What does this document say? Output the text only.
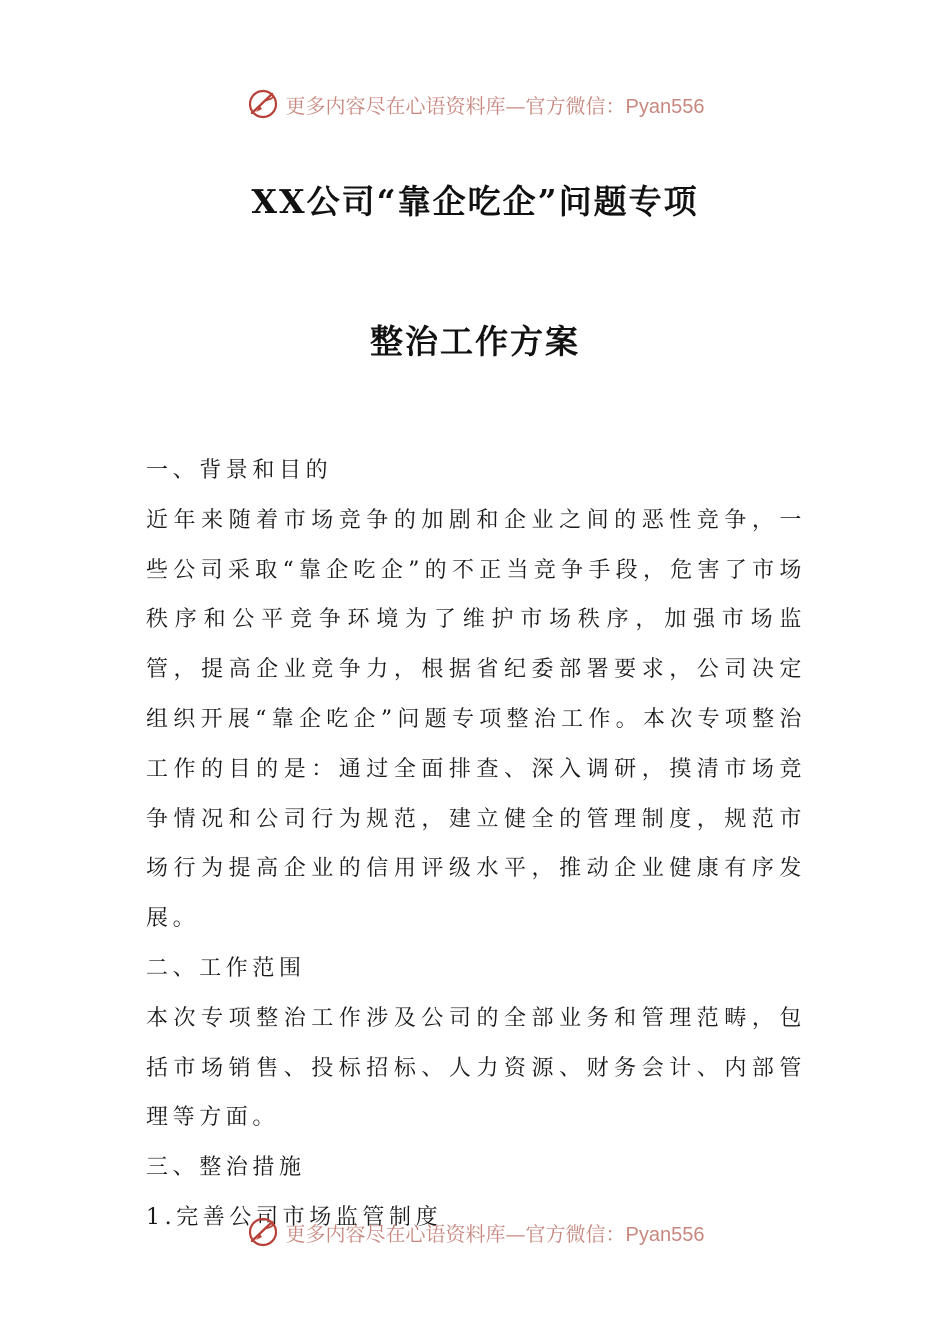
更多内容尽在心语资料库—官方微信：Pyan556
XX公司“靠企吃企”问题专项
整治工作方案

一、背景和目的

近年来随着市场竞争的加剧和企业之间的恶性竞争，一些公司采取“靠企吃企”的不正当竞争手段，危害了市场秩序和公平竞争环境为了维护市场秩序，加强市场监管，提高企业竞争力，根据省纪委部署要求，公司决定组织开展“靠企吃企”问题专项整治工作。本次专项整治工作的目的是：通过全面排查、深入调研，摸清市场竞争情况和公司行为规范，建立健全的管理制度，规范市场行为提高企业的信用评级水平，推动企业健康有序发展。

二、工作范围

本次专项整治工作涉及公司的全部业务和管理范畴，包括市场销售、投标招标、人力资源、财务会计、内部管理等方面。

三、整治措施

1.完善公司市场监管制度

更多内容尽在心语资料库—官方微信：Pyan556
